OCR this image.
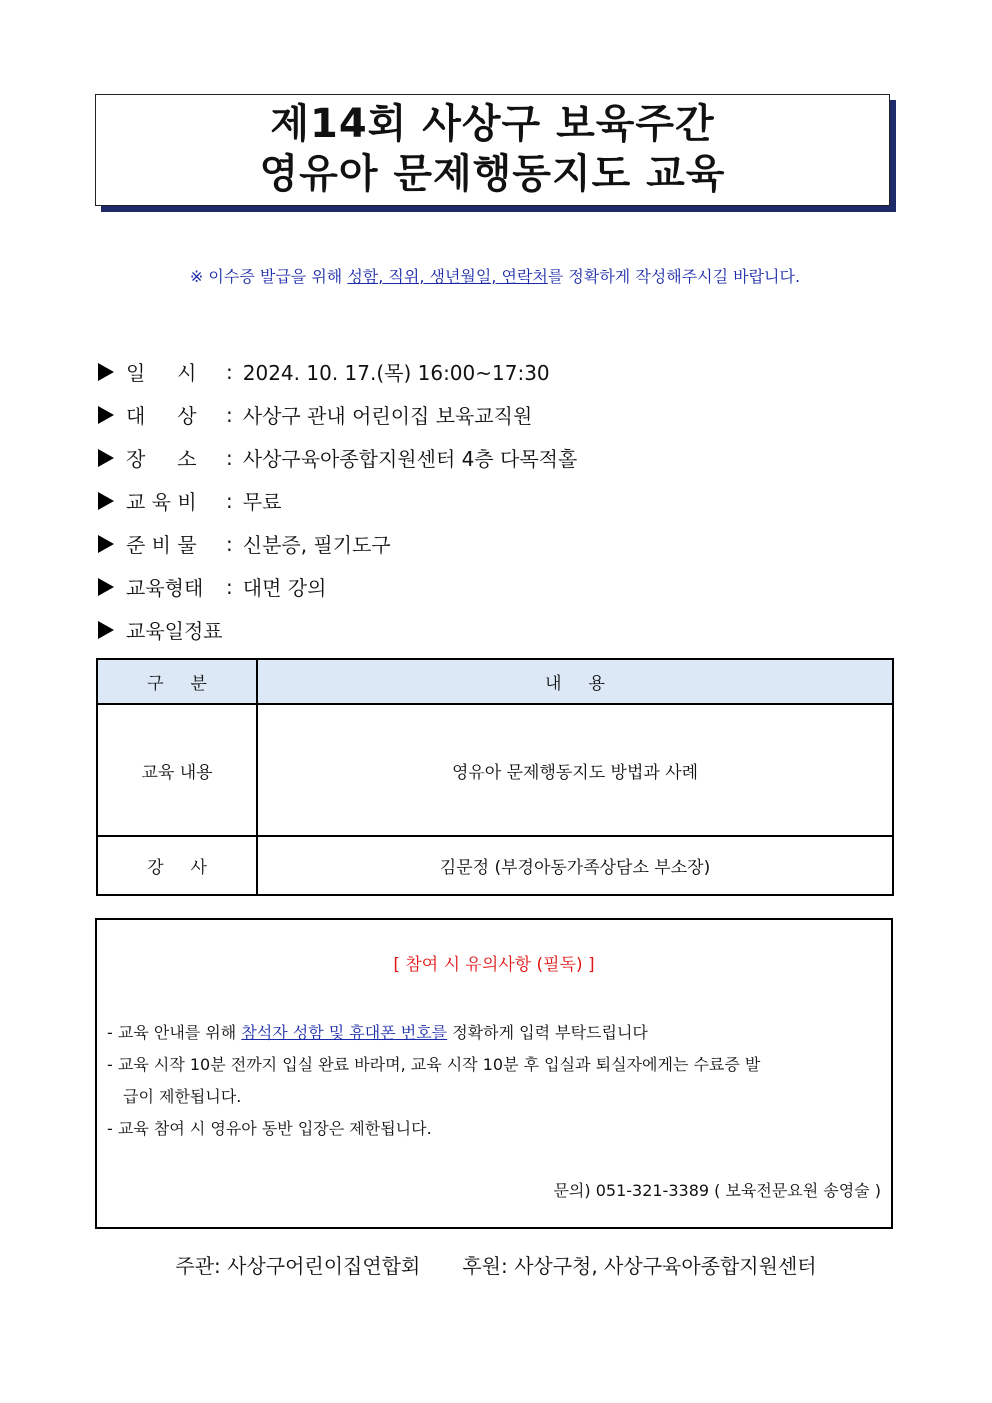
제14회 사상구 보육주간
영유아 문제행동지도 교육
※ 이수증 발급을 위해 성함, 직위, 생년월일, 연락처를 정확하게 작성해주시길 바랍니다.
일     시	: 2024. 10. 17.(목) 16:00~17:30
대     상	: 사상구 관내 어린이집 보육교직원
장     소	: 사상구육아종합지원센터 4층 다목적홀
교 육 비	: 무료
준 비 물	: 신분증, 필기도구
교육형태	: 대면 강의
교육일정표
구     분	내     용
교육 내용	영유아 문제행동지도 방법과 사례
강     사	김문정 (부경아동가족상담소 부소장)
[ 참여 시 유의사항 (필독) ]
- 교육 안내를 위해 참석자 성함 및 휴대폰 번호를 정확하게 입력 부탁드립니다
- 교육 시작 10분 전까지 입실 완료 바라며, 교육 시작 10분 후 입실과 퇴실자에게는 수료증 발
급이 제한됩니다.
- 교육 참여 시 영유아 동반 입장은 제한됩니다.
문의) 051-321-3389 ( 보육전문요원 송영술 )
주관: 사상구어린이집연합회 후원: 사상구청, 사상구육아종합지원센터
